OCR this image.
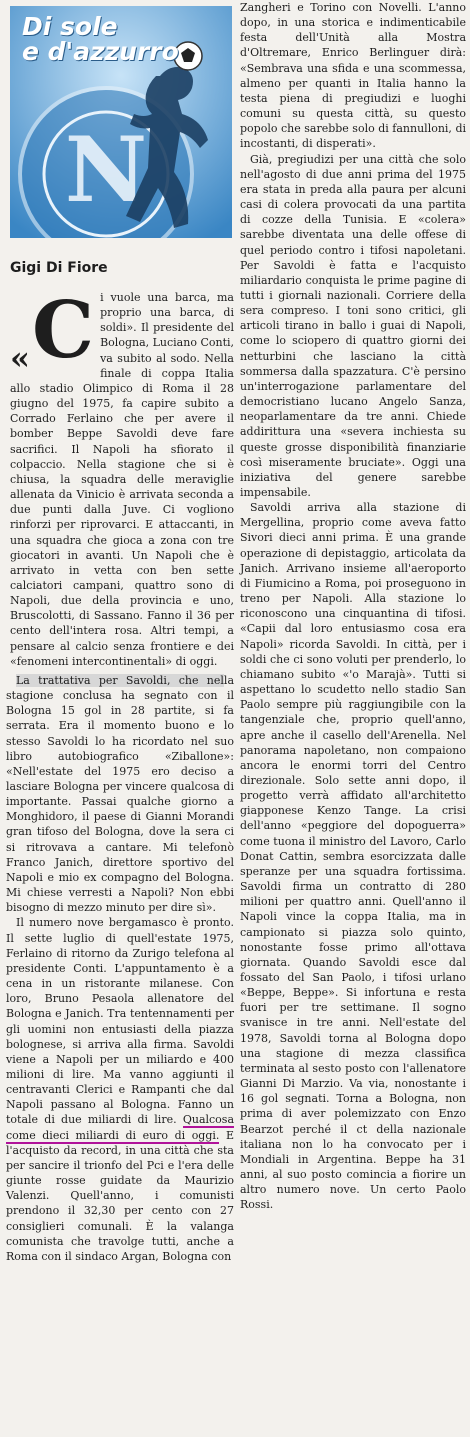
N
Di sole
e d'azzurro
Gigi Di Fiore
« C i vuole una barca, ma proprio una barca, di soldi». Il presidente del Bologna, Luciano Conti, va subito al sodo. Nella finale di coppa Italia allo stadio Olimpico di Roma il 28 giugno del 1975, fa capire subito a Corrado Ferlaino che per avere il bomber Beppe Savoldi deve fare sacrifici. Il Napoli ha sfiorato il colpaccio. Nella stagione che si è chiusa, la squadra delle meraviglie allenata da Vinicio è arrivata seconda a due punti dalla Juve. Ci vogliono rinforzi per riprovarci. E attaccanti, in una squadra che gioca a zona con tre giocatori in avanti. Un Napoli che è arrivato in vetta con ben sette calciatori campani, quattro sono di Napoli, due della provincia e uno, Bruscolotti, di Sassano. Fanno il 36 per cento dell'intera rosa. Altri tempi, a pensare al calcio senza frontiere e dei «fenomeni intercontinentali» di oggi.

La trattativa per Savoldi, che nella stagione conclusa ha segnato con il Bologna 15 gol in 28 partite, si fa serrata. Era il momento buono e lo stesso Savoldi lo ha ricordato nel suo libro autobiografico «Ziballone»: «Nell'estate del 1975 ero deciso a lasciare Bologna per vincere qualcosa di importante. Passai qualche giorno a Monghidoro, il paese di Gianni Morandi gran tifoso del Bologna, dove la sera ci si ritrovava a cantare. Mi telefonò Franco Janich, direttore sportivo del Napoli e mio ex compagno del Bologna. Mi chiese verresti a Napoli? Non ebbi bisogno di mezzo minuto per dire sì».

Il numero nove bergamasco è pronto. Il sette luglio di quell'estate 1975, Ferlaino di ritorno da Zurigo telefona al presidente Conti. L'appuntamento è a cena in un ristorante milanese. Con loro, Bruno Pesaola allenatore del Bologna e Janich. Tra tentennamenti per gli uomini non entusiasti della piazza bolognese, si arriva alla firma. Savoldi viene a Napoli per un miliardo e 400 milioni di lire. Ma vanno aggiunti il centravanti Clerici e Rampanti che dal Napoli passano al Bologna. Fanno un totale di due miliardi di lire. Qualcosa come dieci miliardi di euro di oggi. E l'acquisto da record, in una città che sta per sancire il trionfo del Pci e l'era delle giunte rosse guidate da Maurizio Valenzi. Quell'anno, i comunisti prendono il 32,30 per cento con 27 consiglieri comunali. È la valanga comunista che travolge tutti, anche a Roma con il sindaco Argan, Bologna con

Zangheri e Torino con Novelli. L'anno dopo, in una storica e indimenticabile festa dell'Unità alla Mostra d'Oltremare, Enrico Berlinguer dirà: «Sembrava una sfida e una scommessa, almeno per quanti in Italia hanno la testa piena di pregiudizi e luoghi comuni su questa città, su questo popolo che sarebbe solo di fannulloni, di incostanti, di disperati».

Già, pregiudizi per una città che solo nell'agosto di due anni prima del 1975 era stata in preda alla paura per alcuni casi di colera provocati da una partita di cozze della Tunisia. E «colera» sarebbe diventata una delle offese di quel periodo contro i tifosi napoletani. Per Savoldi è fatta e l'acquisto miliardario conquista le prime pagine di tutti i giornali nazionali. Corriere della sera compreso. I toni sono critici, gli articoli tirano in ballo i guai di Napoli, come lo sciopero di quattro giorni dei netturbini che lasciano la città sommersa dalla spazzatura. C'è persino un'interrogazione parlamentare del democristiano lucano Angelo Sanza, neoparlamentare da tre anni. Chiede addirittura una «severa inchiesta su queste grosse disponibilità finanziarie così miseramente bruciate». Oggi una iniziativa del genere sarebbe impensabile.

Savoldi arriva alla stazione di Mergellina, proprio come aveva fatto Sivori dieci anni prima. È una grande operazione di depistaggio, articolata da Janich. Arrivano insieme all'aeroporto di Fiumicino a Roma, poi proseguono in treno per Napoli. Alla stazione lo riconoscono una cinquantina di tifosi. «Capii dal loro entusiasmo cosa era Napoli» ricorda Savoldi. In città, per i soldi che ci sono voluti per prenderlo, lo chiamano subito «'o Marajà». Tutti si aspettano lo scudetto nello stadio San Paolo sempre più raggiungibile con la tangenziale che, proprio quell'anno, apre anche il casello dell'Arenella. Nel panorama napoletano, non compaiono ancora le enormi torri del Centro direzionale. Solo sette anni dopo, il progetto verrà affidato all'architetto giapponese Kenzo Tange. La crisi dell'anno «peggiore del dopoguerra» come tuona il ministro del Lavoro, Carlo Donat Cattin, sembra esorcizzata dalle speranze per una squadra fortissima. Savoldi firma un contratto di 280 milioni per quattro anni. Quell'anno il Napoli vince la coppa Italia, ma in campionato si piazza solo quinto, nonostante fosse primo all'ottava giornata. Quando Savoldi esce dal fossato del San Paolo, i tifosi urlano «Beppe, Beppe». Si infortuna e resta fuori per tre settimane. Il sogno svanisce in tre anni. Nell'estate del 1978, Savoldi torna al Bologna dopo una stagione di mezza classifica terminata al sesto posto con l'allenatore Gianni Di Marzio. Va via, nonostante i 16 gol segnati. Torna a Bologna, non prima di aver polemizzato con Enzo Bearzot perché il ct della nazionale italiana non lo ha convocato per i Mondiali in Argentina. Beppe ha 31 anni, al suo posto comincia a fiorire un altro numero nove. Un certo Paolo Rossi.
